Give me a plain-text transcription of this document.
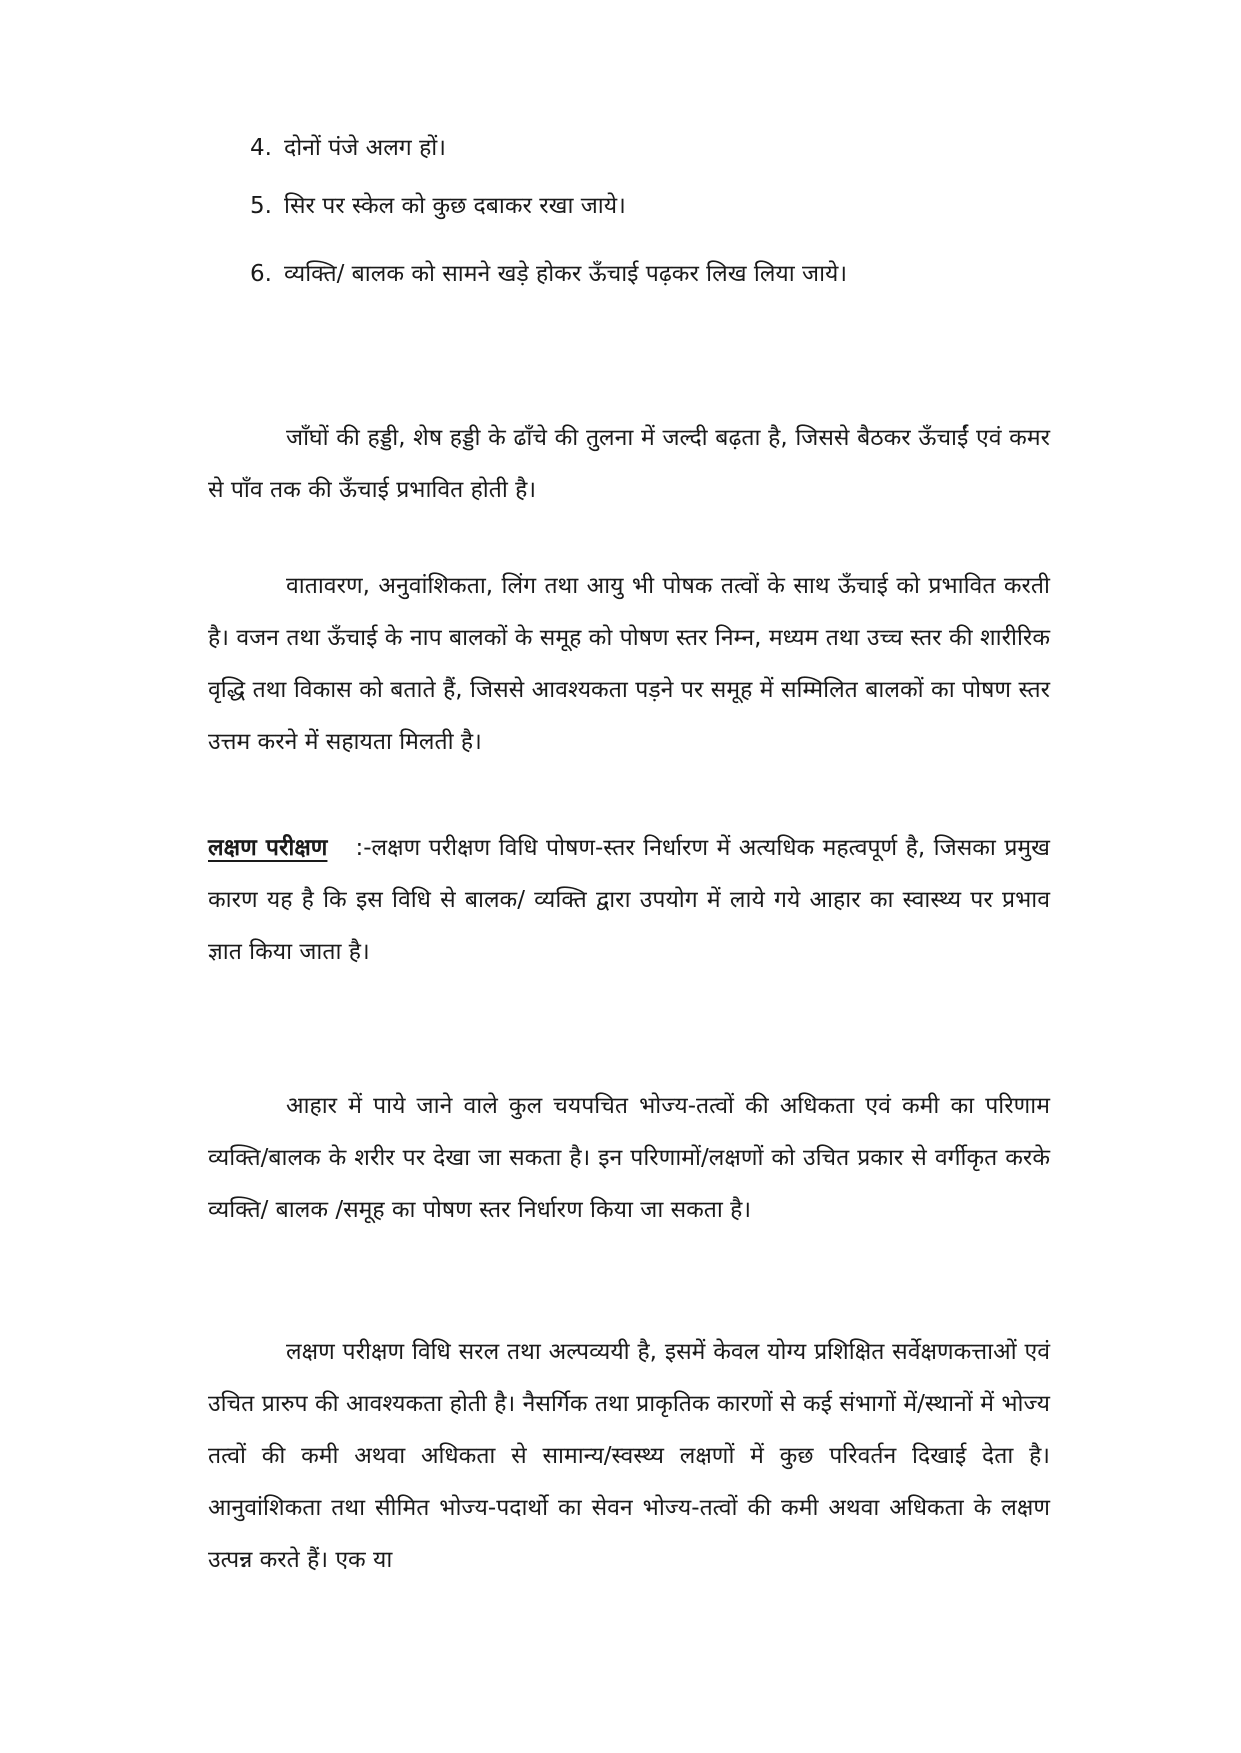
4. दोनों पंजे अलग हों।
5. सिर पर स्केल को कुछ दबाकर रखा जाये।
6. व्यक्ति/ बालक को सामने खड़े होकर ऊँचाई पढ़कर लिख लिया जाये।

जाँघों की हड्डी, शेष हड्डी के ढाँचे की तुलना में जल्दी बढ़ता है, जिससे बैठकर ऊँचाईं एवं कमर से पाँव तक की ऊँचाई प्रभावित होती है।

वातावरण, अनुवांशिकता, लिंग तथा आयु भी पोषक तत्वों के साथ ऊँचाई को प्रभावित करती है। वजन तथा ऊँचाई के नाप बालकों के समूह को पोषण स्तर निम्न, मध्यम तथा उच्च स्तर की शारीरिक वृद्धि तथा विकास को बताते हैं, जिससे आवश्यकता पड़ने पर समूह में सम्मिलित बालकों का पोषण स्तर उत्तम करने में सहायता मिलती है।

लक्षण परीक्षण :-लक्षण परीक्षण विधि पोषण-स्तर निर्धारण में अत्यधिक महत्वपूर्ण है, जिसका प्रमुख कारण यह है कि इस विधि से बालक/ व्यक्ति द्वारा उपयोग में लाये गये आहार का स्वास्थ्य पर प्रभाव ज्ञात किया जाता है।

आहार में पाये जाने वाले कुल चयपचित भोज्य-तत्वों की अधिकता एवं कमी का परिणाम व्यक्ति/बालक के शरीर पर देखा जा सकता है। इन परिणामों/लक्षणों को उचित प्रकार से वर्गीकृत करके व्यक्ति/ बालक /समूह का पोषण स्तर निर्धारण किया जा सकता है।

लक्षण परीक्षण विधि सरल तथा अल्पव्ययी है, इसमें केवल योग्य प्रशिक्षित सर्वेक्षणकत्ताओं एवं उचित प्रारुप की आवश्यकता होती है। नैसर्गिक तथा प्राकृतिक कारणों से कई संभागों में/स्थानों में भोज्य तत्वों की कमी अथवा अधिकता से सामान्य/स्वस्थ्य लक्षणों में कुछ परिवर्तन दिखाई देता है। आनुवांशिकता तथा सीमित भोज्य-पदार्थो का सेवन भोज्य-तत्वों की कमी अथवा अधिकता के लक्षण उत्पन्न करते हैं। एक या
